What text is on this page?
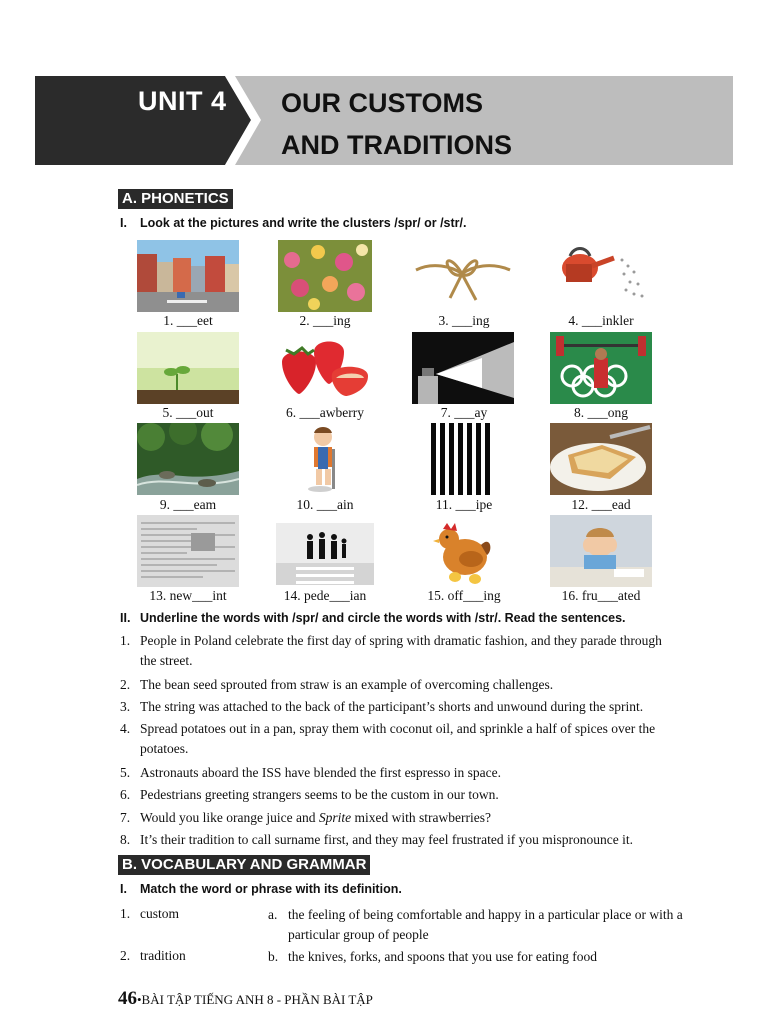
UNIT 4 OUR CUSTOMS
AND TRADITIONS
A. PHONETICS
I. Look at the pictures and write the clusters /spr/ or /str/.
1. ___eet	2. ___ing	3. ___ing	4. ___inkler
5. ___out	6. ___awberry	7. ___ay	8. ___ong
9. ___eam	10. ___ain	11. ___ipe	12. ___ead
13. new___int	14. pede___ian	15. off___ing	16. fru___ated
II. Underline the words with /spr/ and circle the words with /str/. Read the sentences.
1. People in Poland celebrate the first day of spring with dramatic fashion, and they parade through the street.
2. The bean seed sprouted from straw is an example of overcoming challenges.
3. The string was attached to the back of the participant’s shorts and unwound during the sprint.
4. Spread potatoes out in a pan, spray them with coconut oil, and sprinkle a half of spices over the potatoes.
5. Astronauts aboard the ISS have blended the first espresso in space.
6. Pedestrians greeting strangers seems to be the custom in our town.
7. Would you like orange juice and Sprite mixed with strawberries?
8. It’s their tradition to call surname first, and they may feel frustrated if you mispronounce it.
B. VOCABULARY AND GRAMMAR
I. Match the word or phrase with its definition.
1. custom	a. the feeling of being comfortable and happy in a particular place or with a particular group of people
2. tradition	b. the knives, forks, and spoons that you use for eating food
46•BÀI TẬP TIẾNG ANH 8 - PHẦN BÀI TẬP
